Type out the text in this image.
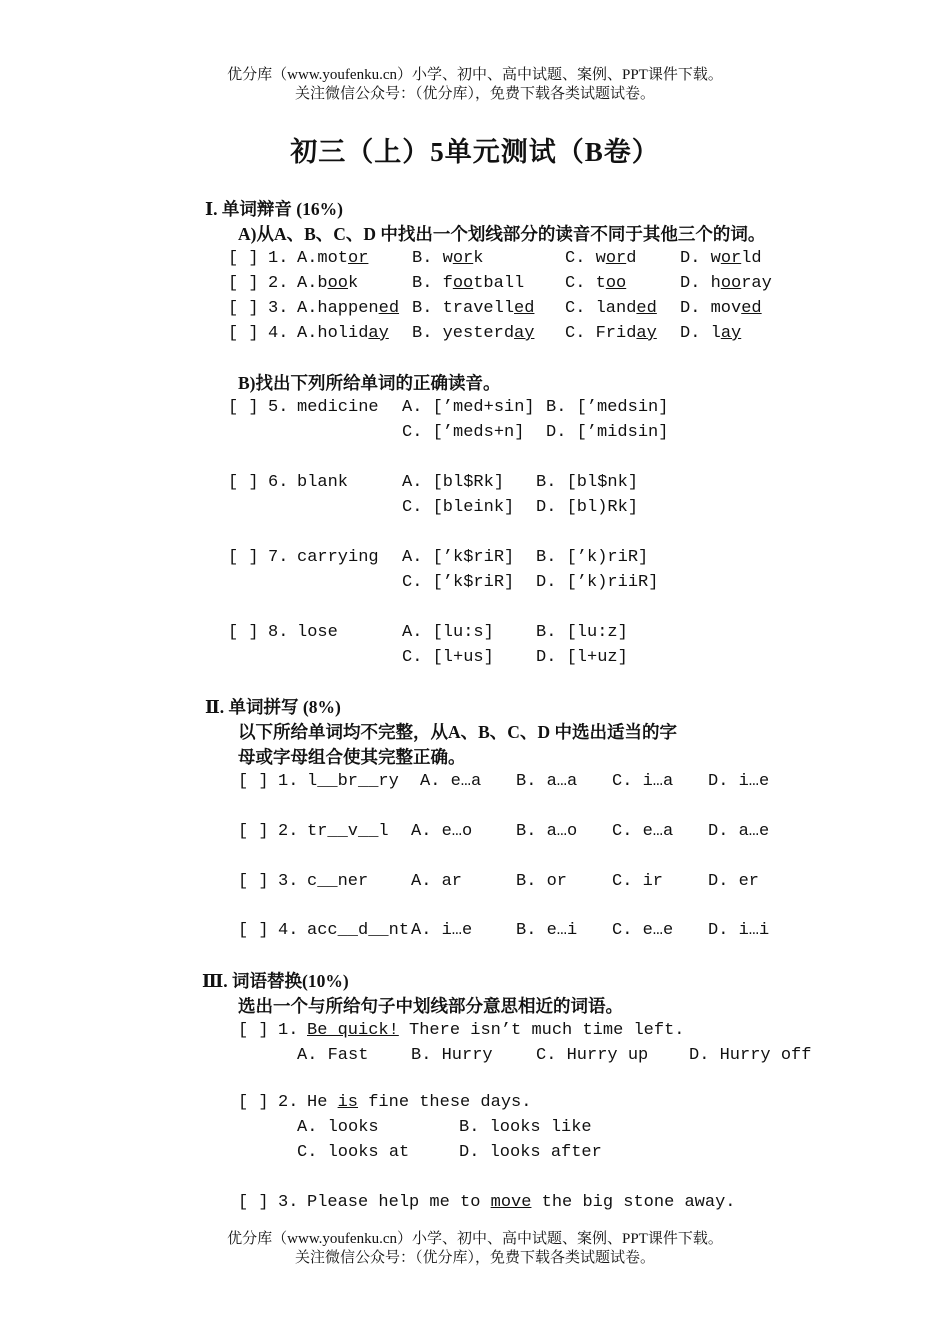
优分库（www.youfenku.cn）小学、初中、高中试题、案例、PPT课件下载。
关注微信公众号：（优分库），免费下载各类试题试卷。
初三（上）5单元测试（B卷）
Ⅰ. 单词辩音 (16%)
A)从A、B、C、D 中找出一个划线部分的读音不同于其他三个的词。
[ ] 1. A.motor	B. work	C. word	D. world
[ ] 2. A.book	B. football C. too	D. hooray
[ ] 3. A.happened B. travelled C. landed D. moved
[ ] 4. A.holiday B. yesterday C. Friday D. lay
B)找出下列所给单词的正确读音。
[ ] 5. medicine A. [’med+sin] B. [’medsin]
C. [’meds+n] D. [’midsin]
[ ] 6. blank	A. [bl$Rk] B. [bl$nk]
C. [bleink] D. [bl)Rk]
[ ] 7. carrying A. [’k$riR] B. [’k)riR]
C. [’k$riR] D. [’k)riiR]
[ ] 8. lose	A. [lu:s] B. [lu:z]
C. [l+us] D. [l+uz]
Ⅱ. 单词拼写 (8%)
以下所给单词均不完整，从A、B、C、D 中选出适当的字
母或字母组合使其完整正确。
[ ] 1. l__br__ry A. e…a B. a…a C. i…a D. i…e
[ ] 2. tr__v__l A. e…o	B. a…o C. e…a D. a…e
[ ] 3. c__ner	A. ar	B. or	C. ir	D. er
[ ] 4. acc__d__nt A. i…e	B. e…i C. e…e D. i…i
Ⅲ. 词语替换(10%)
选出一个与所给句子中划线部分意思相近的词语。
[ ] 1. Be quick! There isn’t much time left.
A. Fast	B. Hurry	C. Hurry up D. Hurry off
[ ] 2. He is fine these days.
A. looks	B. looks like
C. looks at	D. looks after
[ ] 3. Please help me to move the big stone away.
优分库（www.youfenku.cn）小学、初中、高中试题、案例、PPT课件下载。
关注微信公众号：（优分库），免费下载各类试题试卷。
